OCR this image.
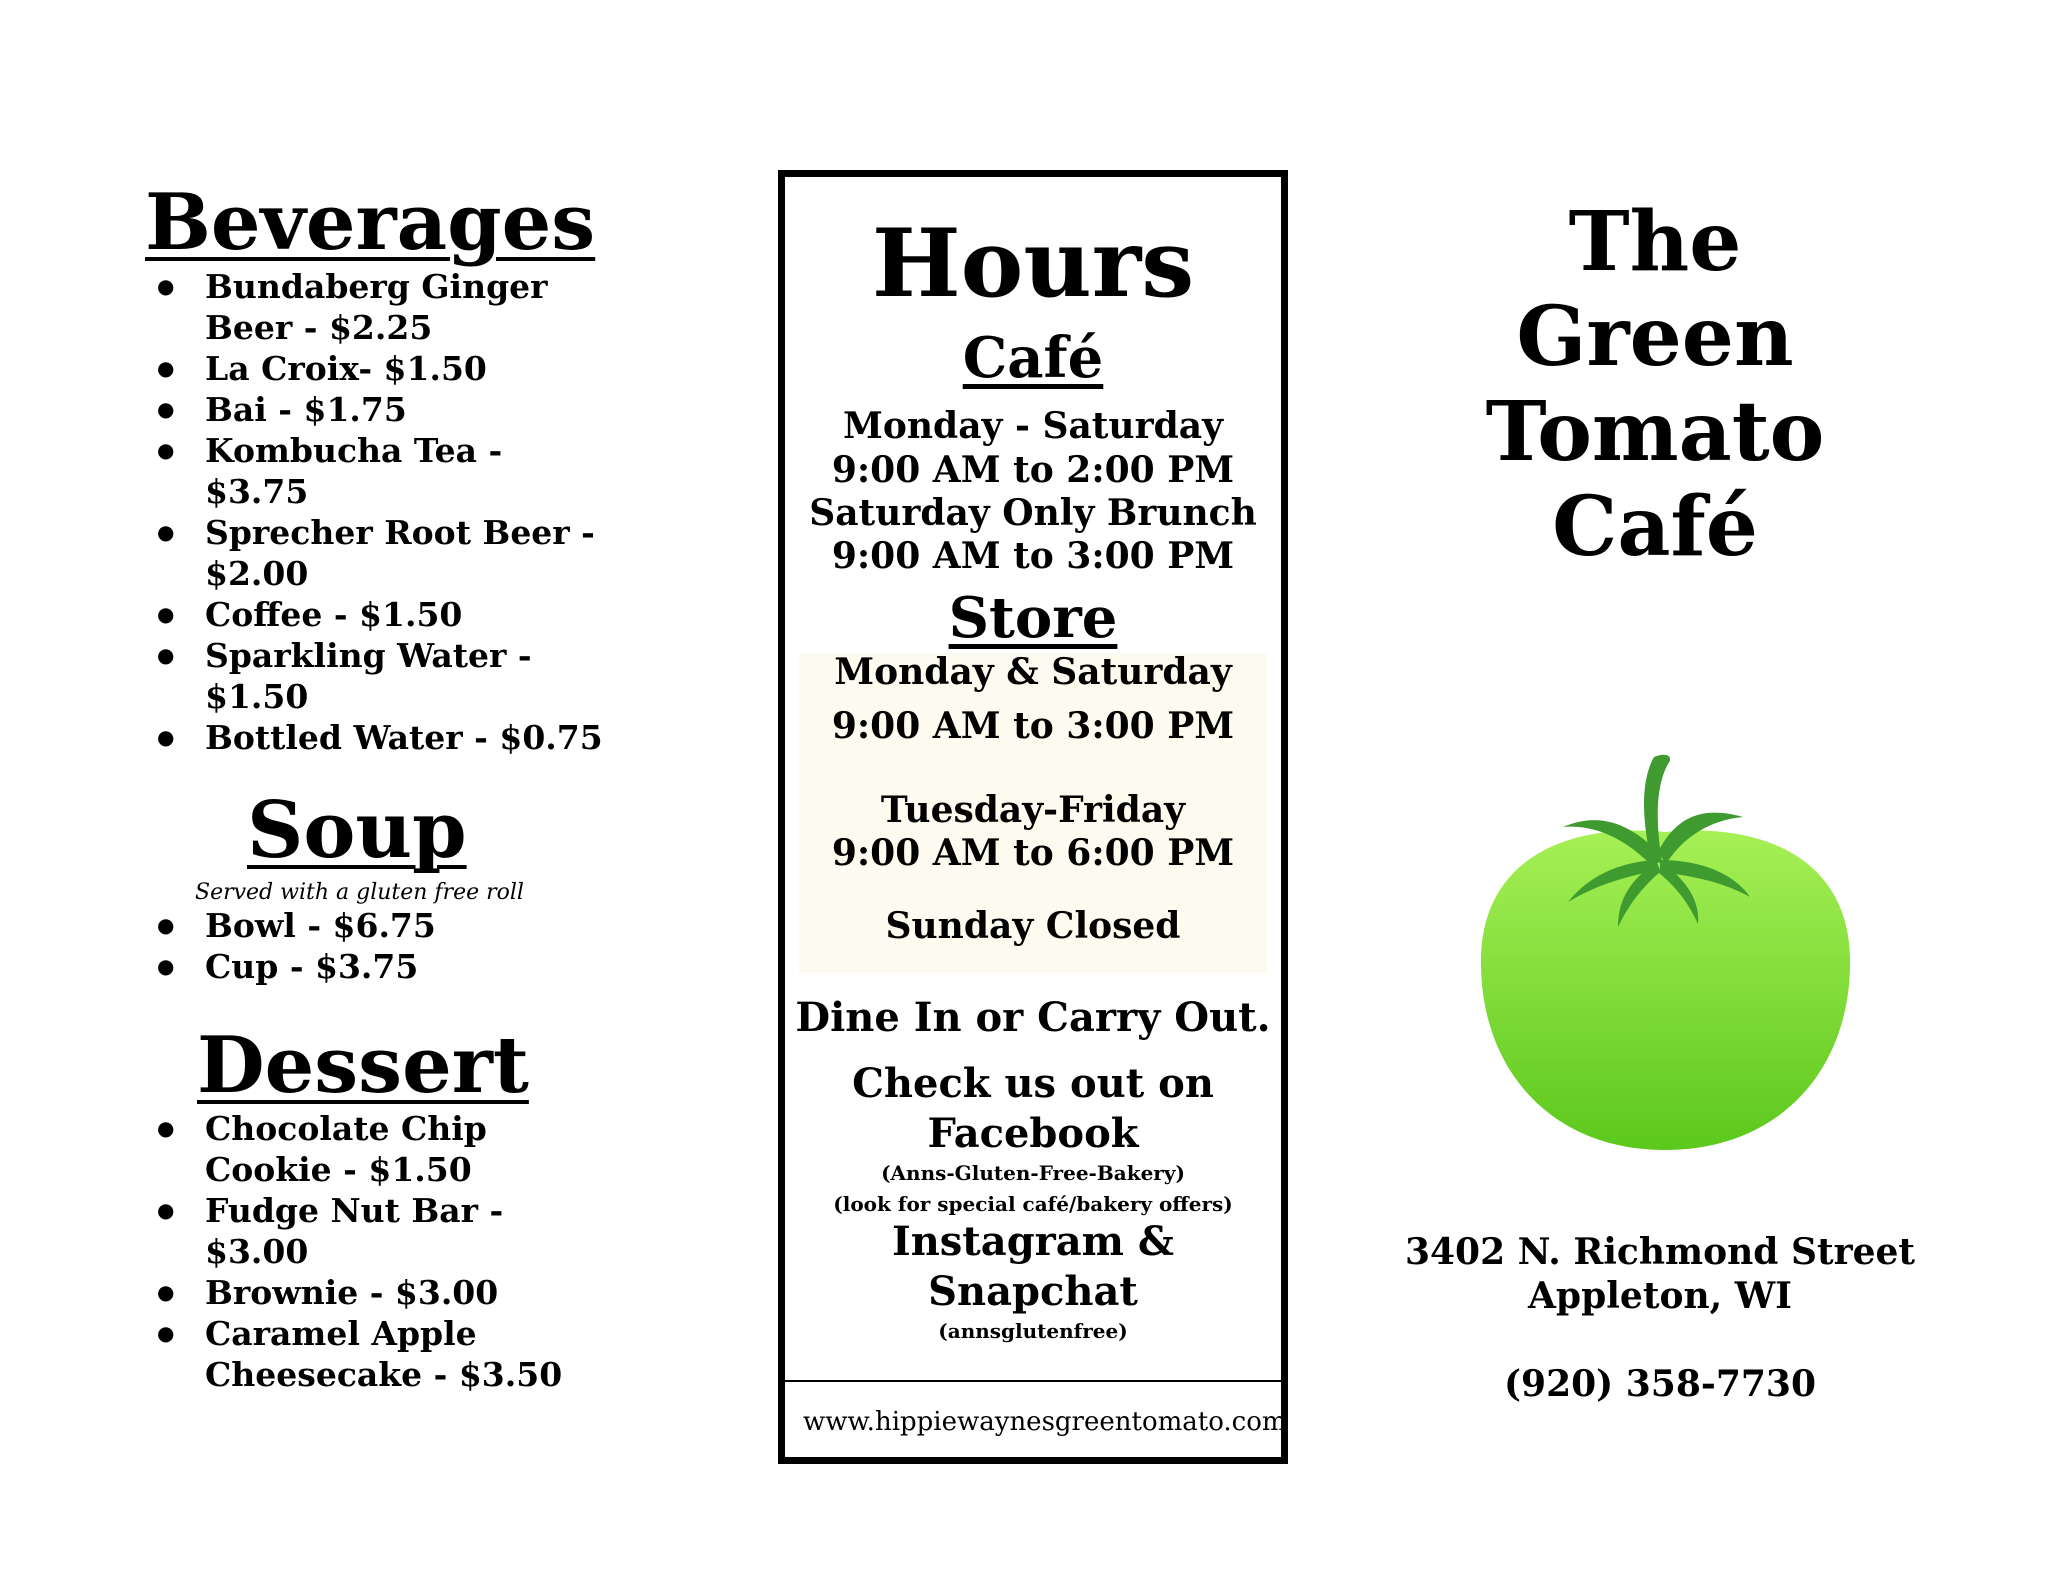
Beverages
● Bundaberg Ginger
Beer - $2.25
● La Croix- $1.50
● Bai - $1.75
● Kombucha Tea - $3.75
● Sprecher Root Beer -
$2.00
● Coffee - $1.50
● Sparkling Water -
$1.50
● Bottled Water - $0.75
Soup
Served with a gluten free roll
● Bowl - $6.75
● Cup - $3.75
Dessert
● Chocolate Chip
Cookie - $1.50
● Fudge Nut Bar - $3.00
● Brownie - $3.00
● Caramel Apple
Cheesecake - $3.50
Hours
Café
Monday - Saturday
9:00 AM to 2:00 PM
Saturday Only Brunch
9:00 AM to 3:00 PM
Store
Monday & Saturday
9:00 AM to 3:00 PM
Tuesday-Friday
9:00 AM to 6:00 PM
Sunday Closed
Dine In or Carry Out.
Check us out on
Facebook
(Anns-Gluten-Free-Bakery)
(look for special café/bakery offers)
Instagram &
Snapchat
(annsglutenfree)
www.hippiewaynesgreentomato.com
The
Green
Tomato
Café
3402 N. Richmond Street
Appleton, WI
(920) 358-7730
